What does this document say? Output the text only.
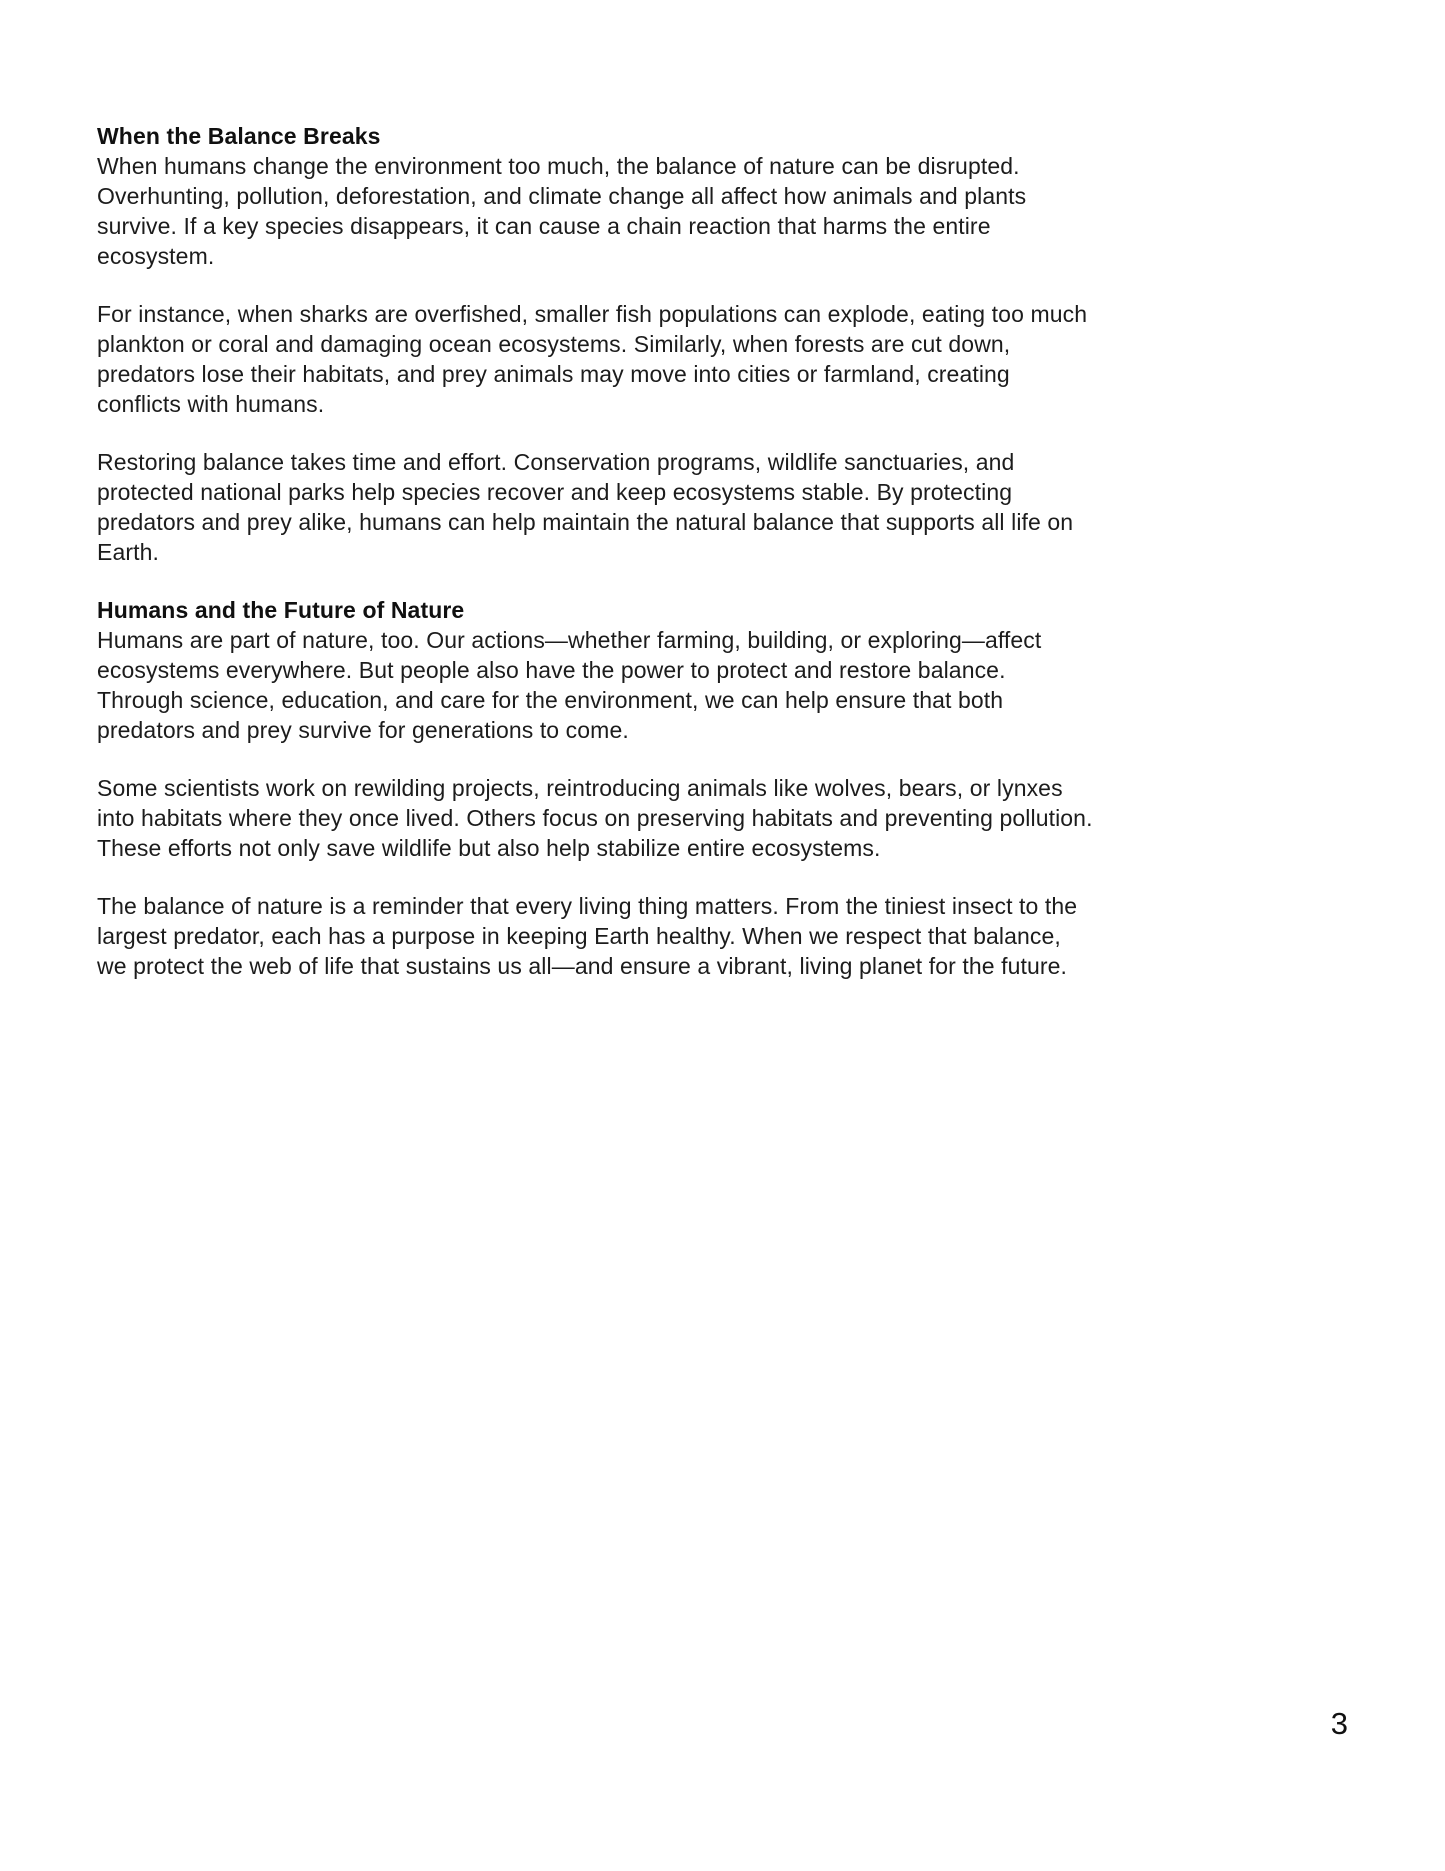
When the Balance Breaks

When humans change the environment too much, the balance of nature can be disrupted. Overhunting, pollution, deforestation, and climate change all affect how animals and plants survive. If a key species disappears, it can cause a chain reaction that harms the entire ecosystem.

For instance, when sharks are overfished, smaller fish populations can explode, eating too much plankton or coral and damaging ocean ecosystems. Similarly, when forests are cut down, predators lose their habitats, and prey animals may move into cities or farmland, creating conflicts with humans.

Restoring balance takes time and effort. Conservation programs, wildlife sanctuaries, and protected national parks help species recover and keep ecosystems stable. By protecting predators and prey alike, humans can help maintain the natural balance that supports all life on Earth.

Humans and the Future of Nature

Humans are part of nature, too. Our actions—whether farming, building, or exploring—affect ecosystems everywhere. But people also have the power to protect and restore balance. Through science, education, and care for the environment, we can help ensure that both predators and prey survive for generations to come.

Some scientists work on rewilding projects, reintroducing animals like wolves, bears, or lynxes into habitats where they once lived. Others focus on preserving habitats and preventing pollution. These efforts not only save wildlife but also help stabilize entire ecosystems.

The balance of nature is a reminder that every living thing matters. From the tiniest insect to the largest predator, each has a purpose in keeping Earth healthy. When we respect that balance, we protect the web of life that sustains us all—and ensure a vibrant, living planet for the future.

3
